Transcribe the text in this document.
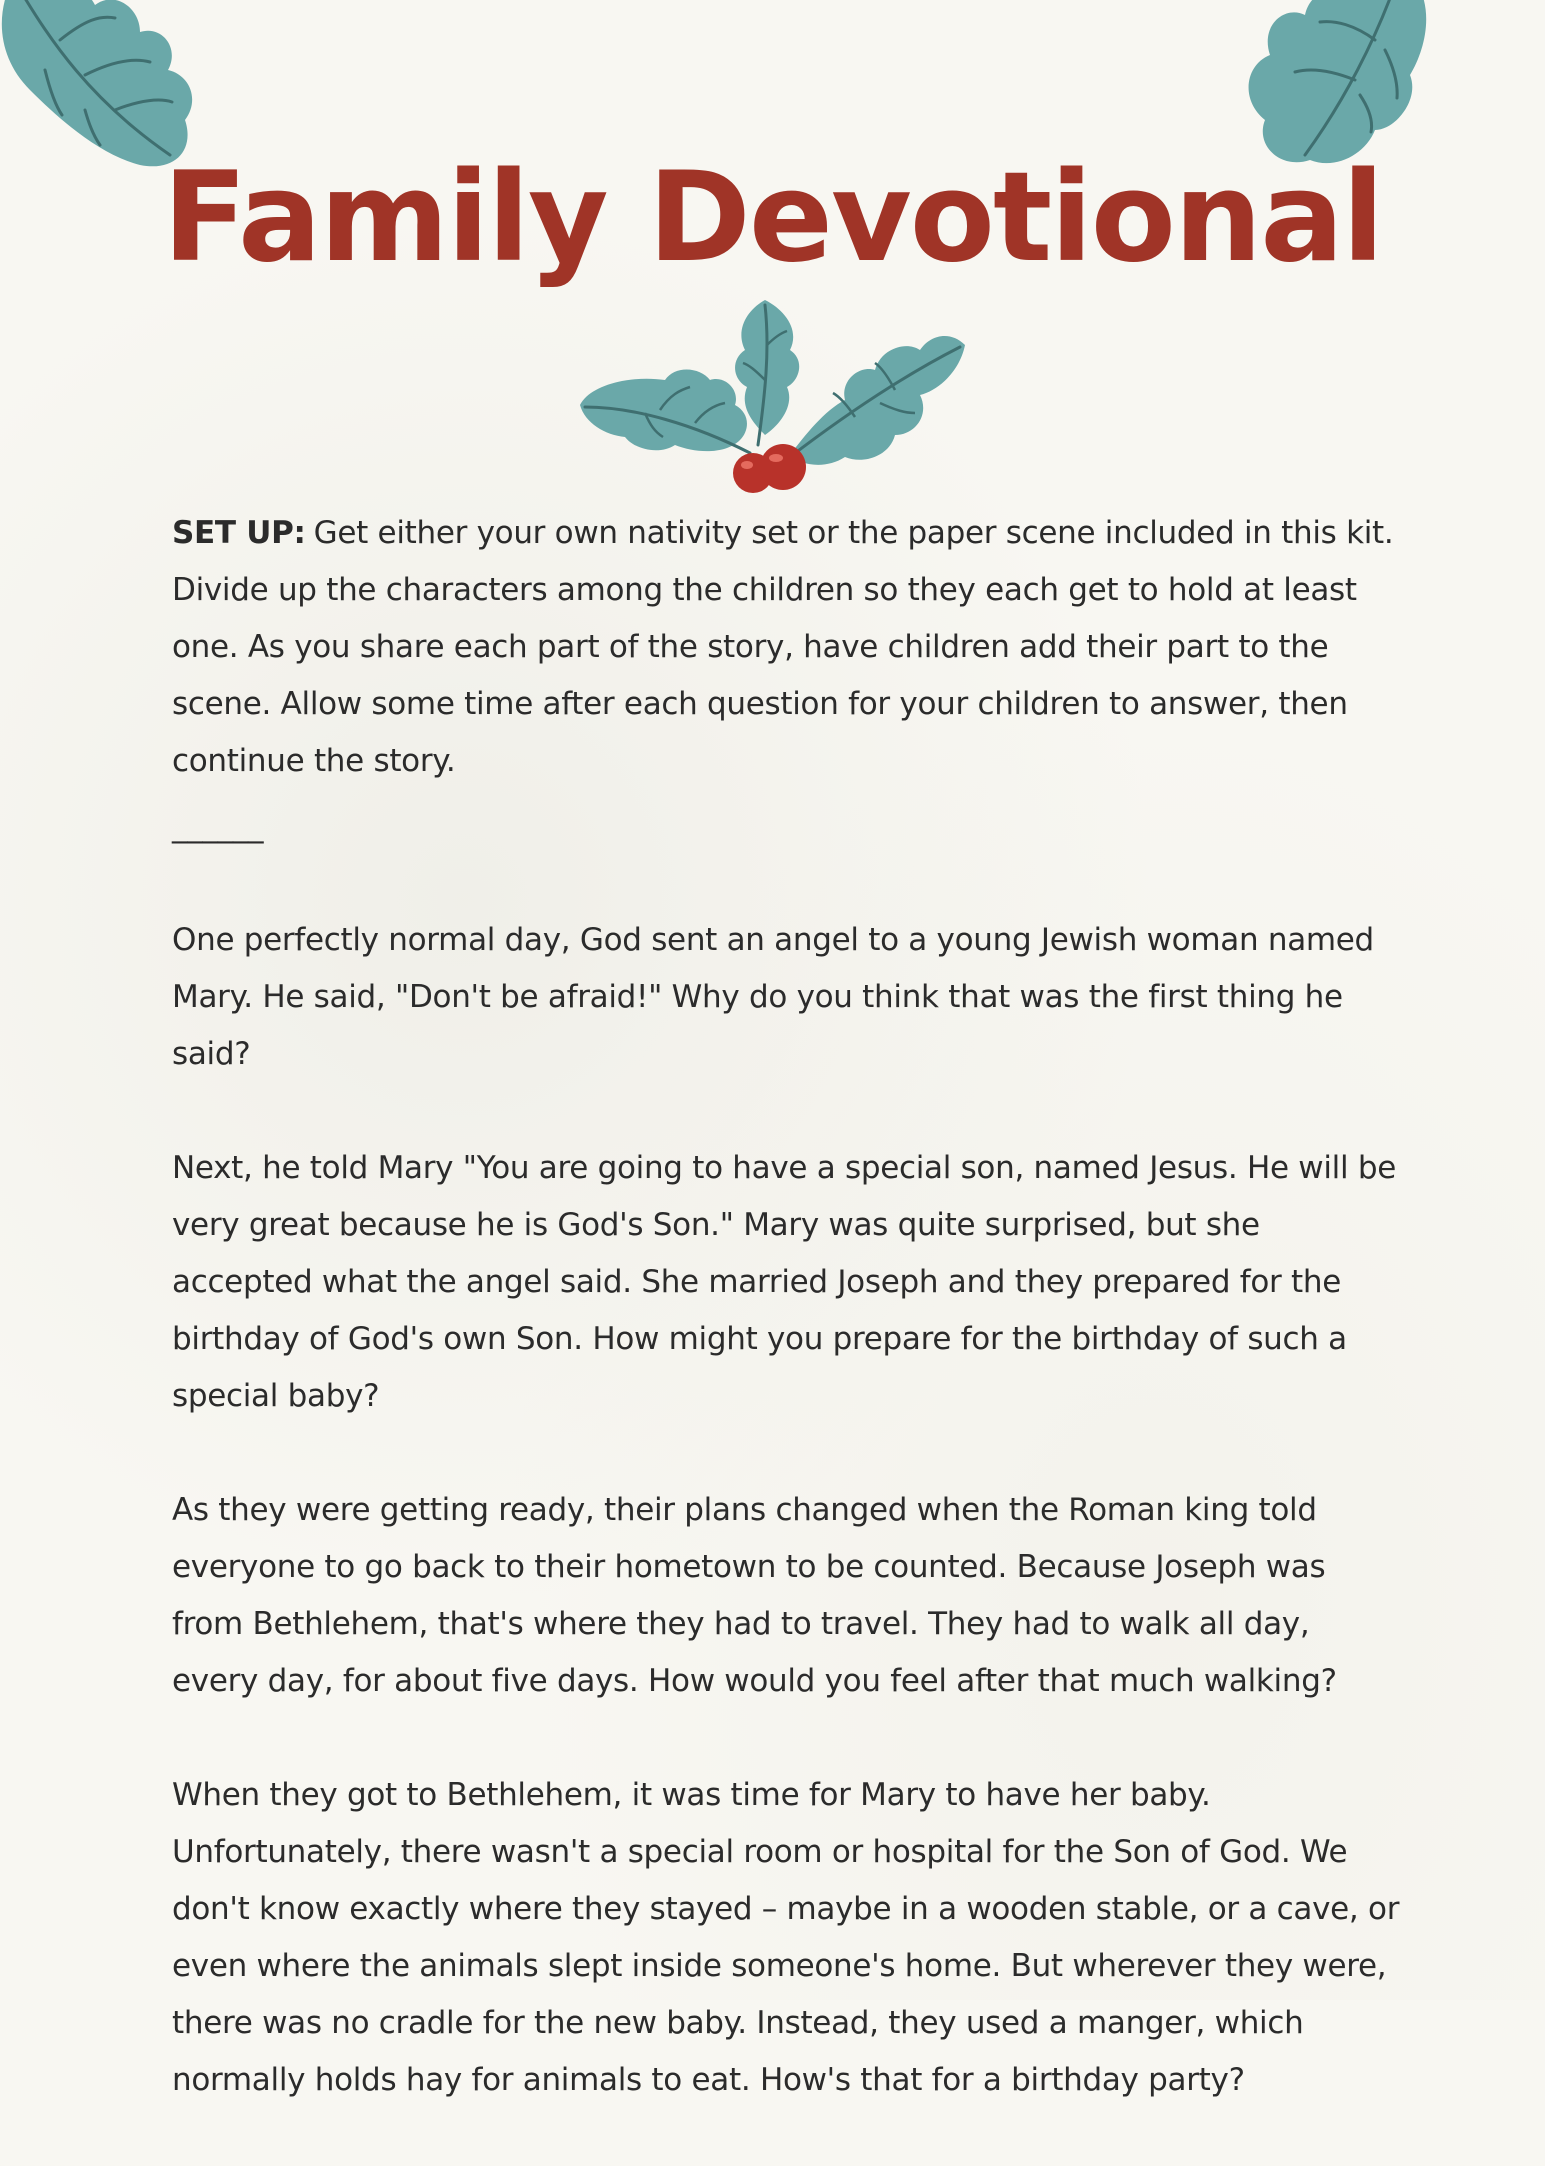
Family Devotional

SET UP: Get either your own nativity set or the paper scene included in this kit. Divide up the characters among the children so they each get to hold at least one. As you share each part of the story, have children add their part to the scene. Allow some time after each question for your children to answer, then continue the story.

______

One perfectly normal day, God sent an angel to a young Jewish woman named Mary. He said, "Don't be afraid!" Why do you think that was the first thing he said?

Next, he told Mary "You are going to have a special son, named Jesus. He will be very great because he is God's Son." Mary was quite surprised, but she accepted what the angel said. She married Joseph and they prepared for the birthday of God's own Son. How might you prepare for the birthday of such a special baby?

As they were getting ready, their plans changed when the Roman king told everyone to go back to their hometown to be counted. Because Joseph was from Bethlehem, that's where they had to travel. They had to walk all day, every day, for about five days. How would you feel after that much walking?

When they got to Bethlehem, it was time for Mary to have her baby. Unfortunately, there wasn't a special room or hospital for the Son of God. We don't know exactly where they stayed – maybe in a wooden stable, or a cave, or even where the animals slept inside someone's home. But wherever they were, there was no cradle for the new baby. Instead, they used a manger, which normally holds hay for animals to eat. How's that for a birthday party?
